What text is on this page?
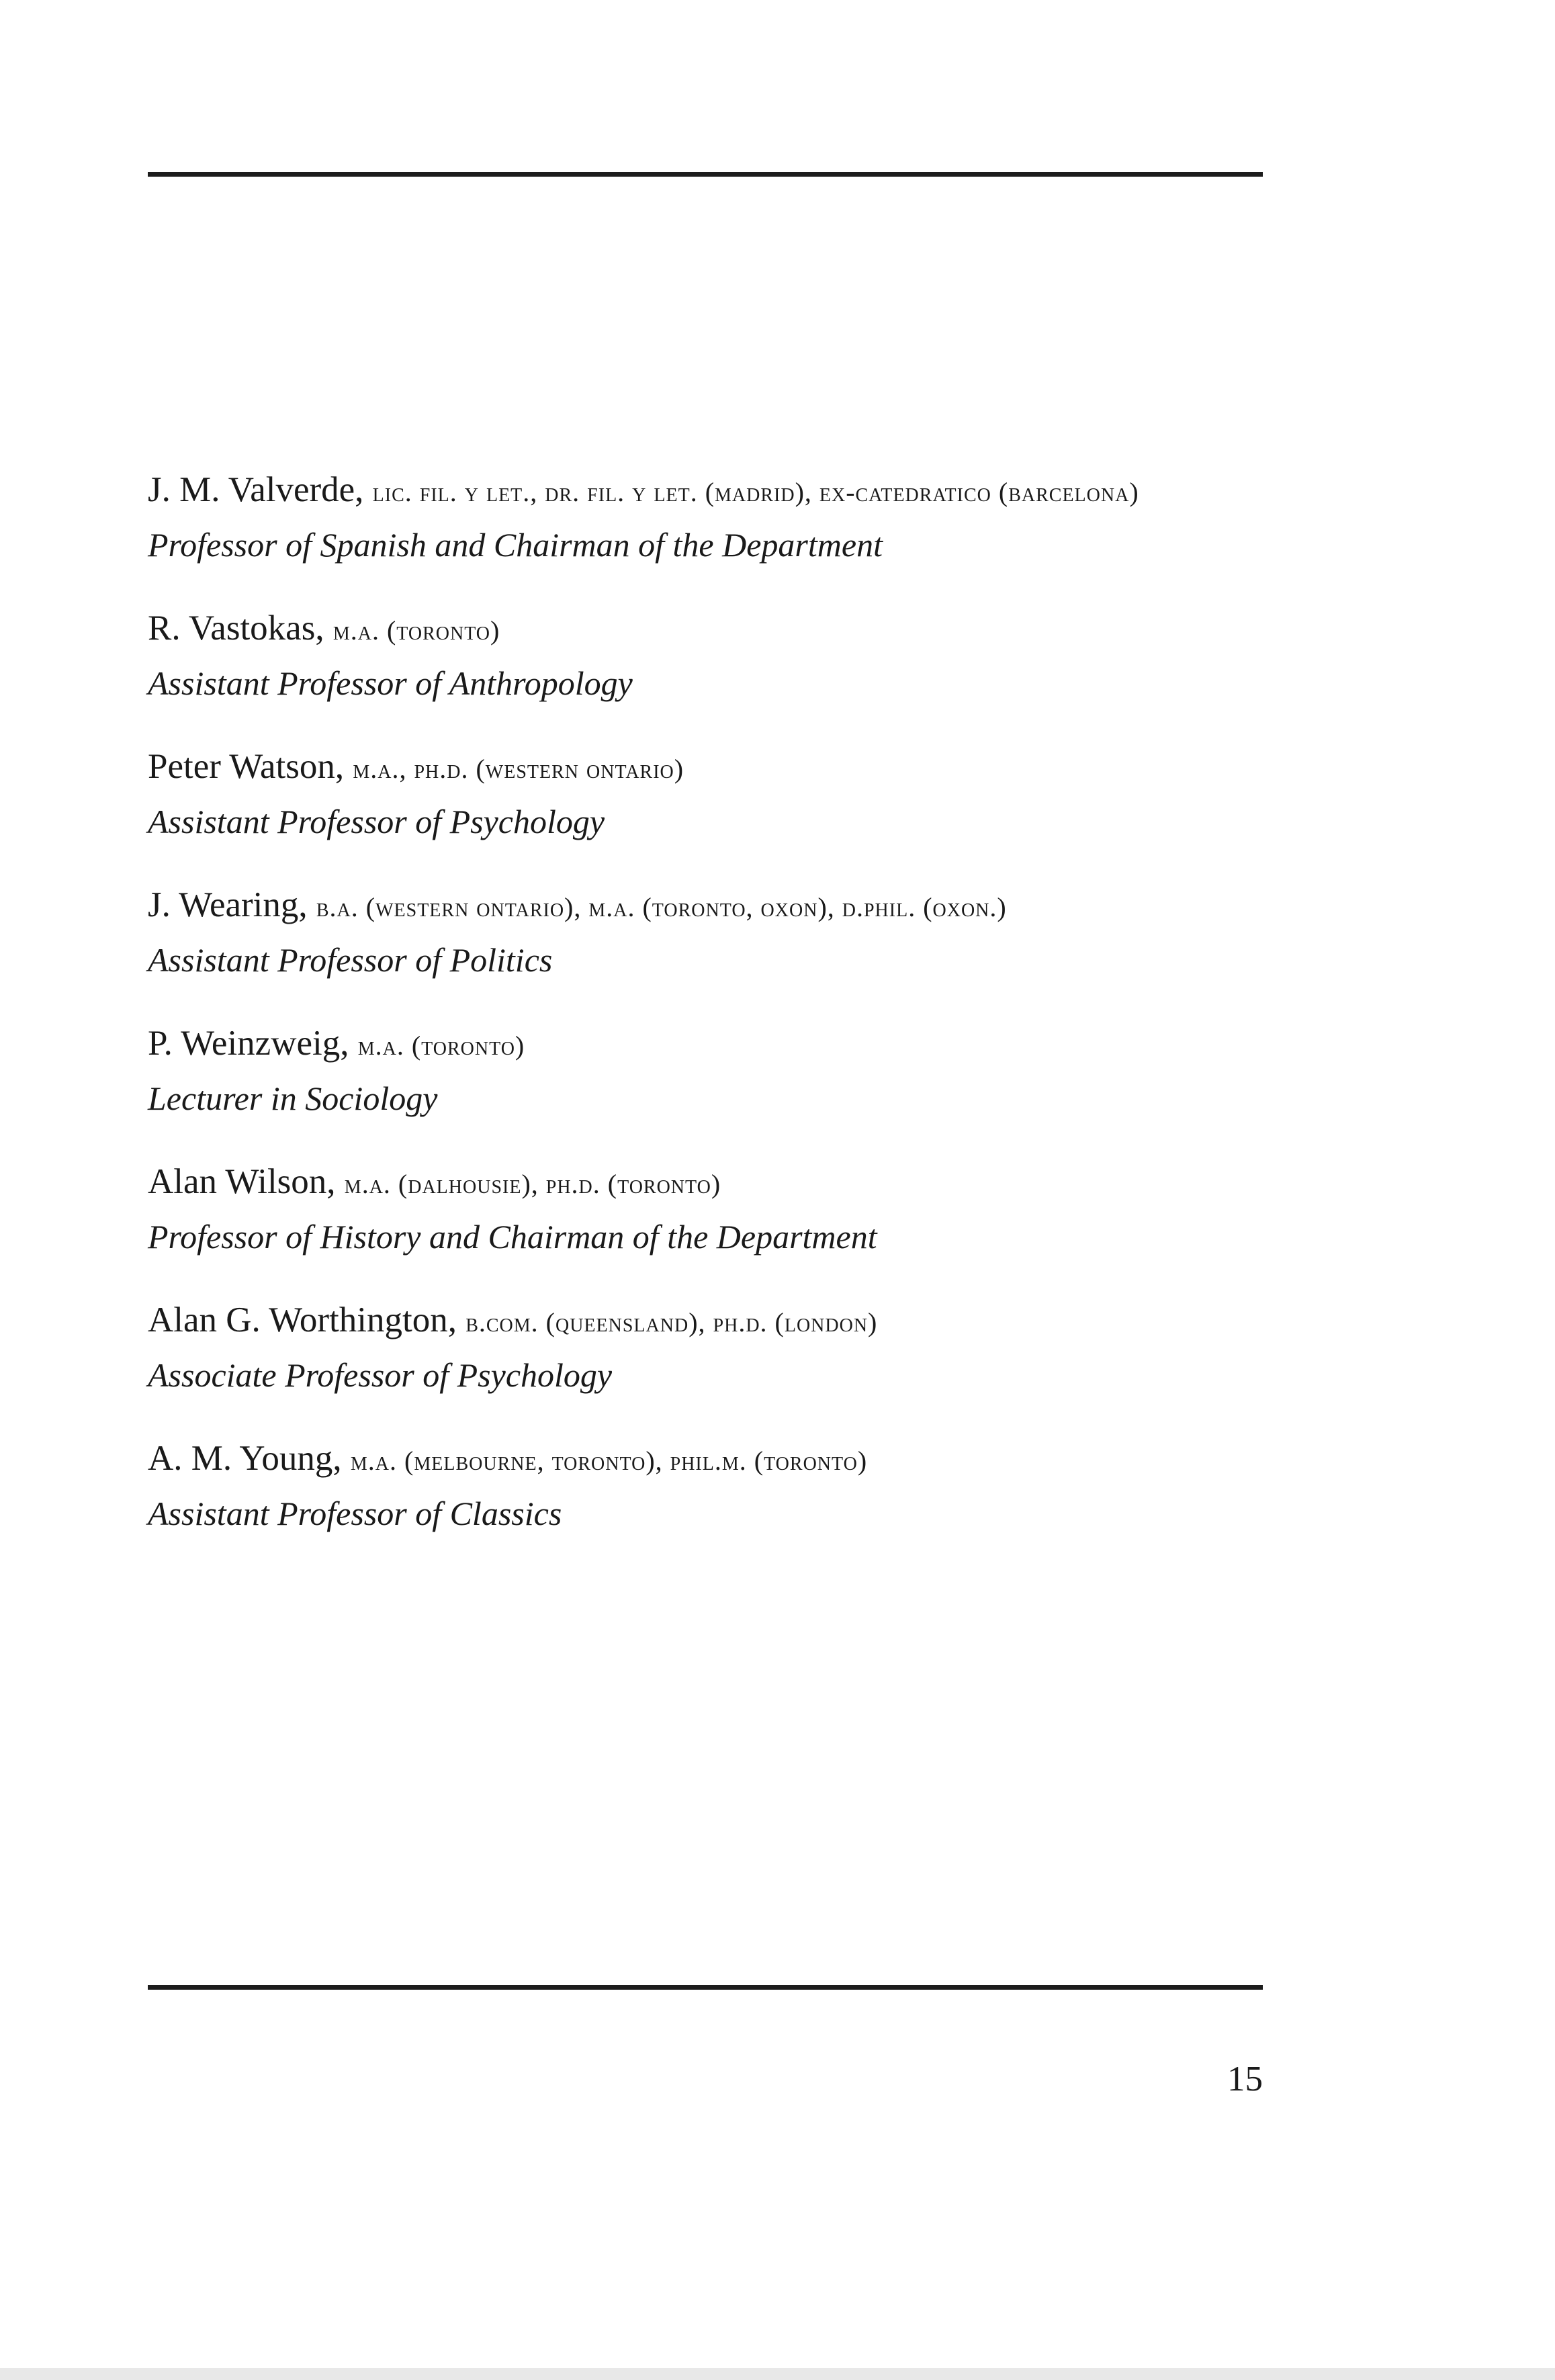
J. M. Valverde, lic. fil. y let., dr. fil. y let. (madrid), ex-catedratico (barcelona)
Professor of Spanish and Chairman of the Department
R. Vastokas, m.a. (toronto)
Assistant Professor of Anthropology
Peter Watson, m.a., ph.d. (western ontario)
Assistant Professor of Psychology
J. Wearing, b.a. (western ontario), m.a. (toronto, oxon), d.phil. (oxon.)
Assistant Professor of Politics
P. Weinzweig, m.a. (toronto)
Lecturer in Sociology
Alan Wilson, m.a. (dalhousie), ph.d. (toronto)
Professor of History and Chairman of the Department
Alan G. Worthington, b.com. (queensland), ph.d. (london)
Associate Professor of Psychology
A. M. Young, m.a. (melbourne, toronto), phil.m. (toronto)
Assistant Professor of Classics
15
